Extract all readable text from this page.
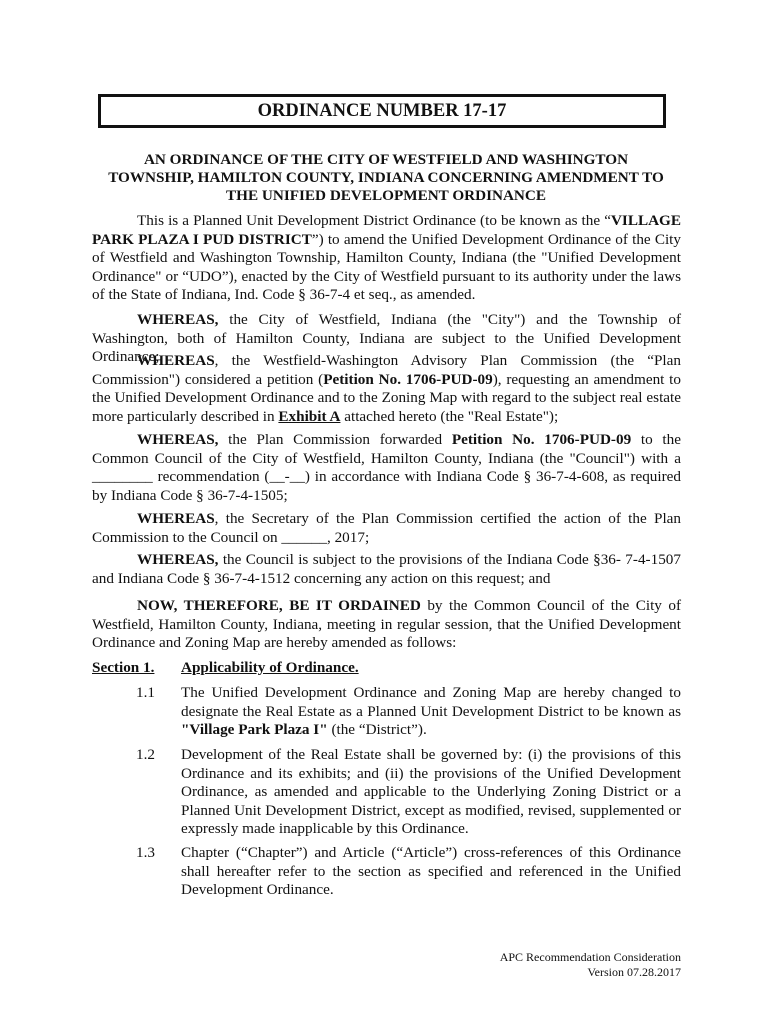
ORDINANCE NUMBER 17-17
AN ORDINANCE OF THE CITY OF WESTFIELD AND WASHINGTON
TOWNSHIP, HAMILTON COUNTY, INDIANA CONCERNING AMENDMENT TO
THE UNIFIED DEVELOPMENT ORDINANCE

This is a Planned Unit Development District Ordinance (to be known as the “VILLAGE PARK PLAZA I PUD DISTRICT”) to amend the Unified Development Ordinance of the City of Westfield and Washington Township, Hamilton County, Indiana (the "Unified Development Ordinance" or “UDO”), enacted by the City of Westfield pursuant to its authority under the laws of the State of Indiana, Ind. Code § 36-7-4 et seq., as amended.

WHEREAS, the City of Westfield, Indiana (the "City") and the Township of Washington, both of Hamilton County, Indiana are subject to the Unified Development Ordinance;

WHEREAS, the Westfield-Washington Advisory Plan Commission (the “Plan Commission") considered a petition (Petition No. 1706-PUD-09), requesting an amendment to the Unified Development Ordinance and to the Zoning Map with regard to the subject real estate more particularly described in Exhibit A attached hereto (the "Real Estate");

WHEREAS, the Plan Commission forwarded Petition No. 1706-PUD-09 to the Common Council of the City of Westfield, Hamilton County, Indiana (the "Council") with a ________ recommendation (__-__) in accordance with Indiana Code § 36-7-4-608, as required by Indiana Code § 36-7-4-1505;

WHEREAS, the Secretary of the Plan Commission certified the action of the Plan Commission to the Council on ______, 2017;

WHEREAS, the Council is subject to the provisions of the Indiana Code §36- 7-4-1507 and Indiana Code § 36-7-4-1512 concerning any action on this request; and

NOW, THEREFORE, BE IT ORDAINED by the Common Council of the City of Westfield, Hamilton County, Indiana, meeting in regular session, that the Unified Development Ordinance and Zoning Map are hereby amended as follows:

Section 1. Applicability of Ordinance.
1.1 The Unified Development Ordinance and Zoning Map are hereby changed to designate the Real Estate as a Planned Unit Development District to be known as "Village Park Plaza I" (the “District”).

1.2 Development of the Real Estate shall be governed by: (i) the provisions of this Ordinance and its exhibits; and (ii) the provisions of the Unified Development Ordinance, as amended and applicable to the Underlying Zoning District or a Planned Unit Development District, except as modified, revised, supplemented or expressly made inapplicable by this Ordinance.

1.3 Chapter (“Chapter”) and Article (“Article”) cross-references of this Ordinance shall hereafter refer to the section as specified and referenced in the Unified Development Ordinance.

APC Recommendation Consideration
Version 07.28.2017
